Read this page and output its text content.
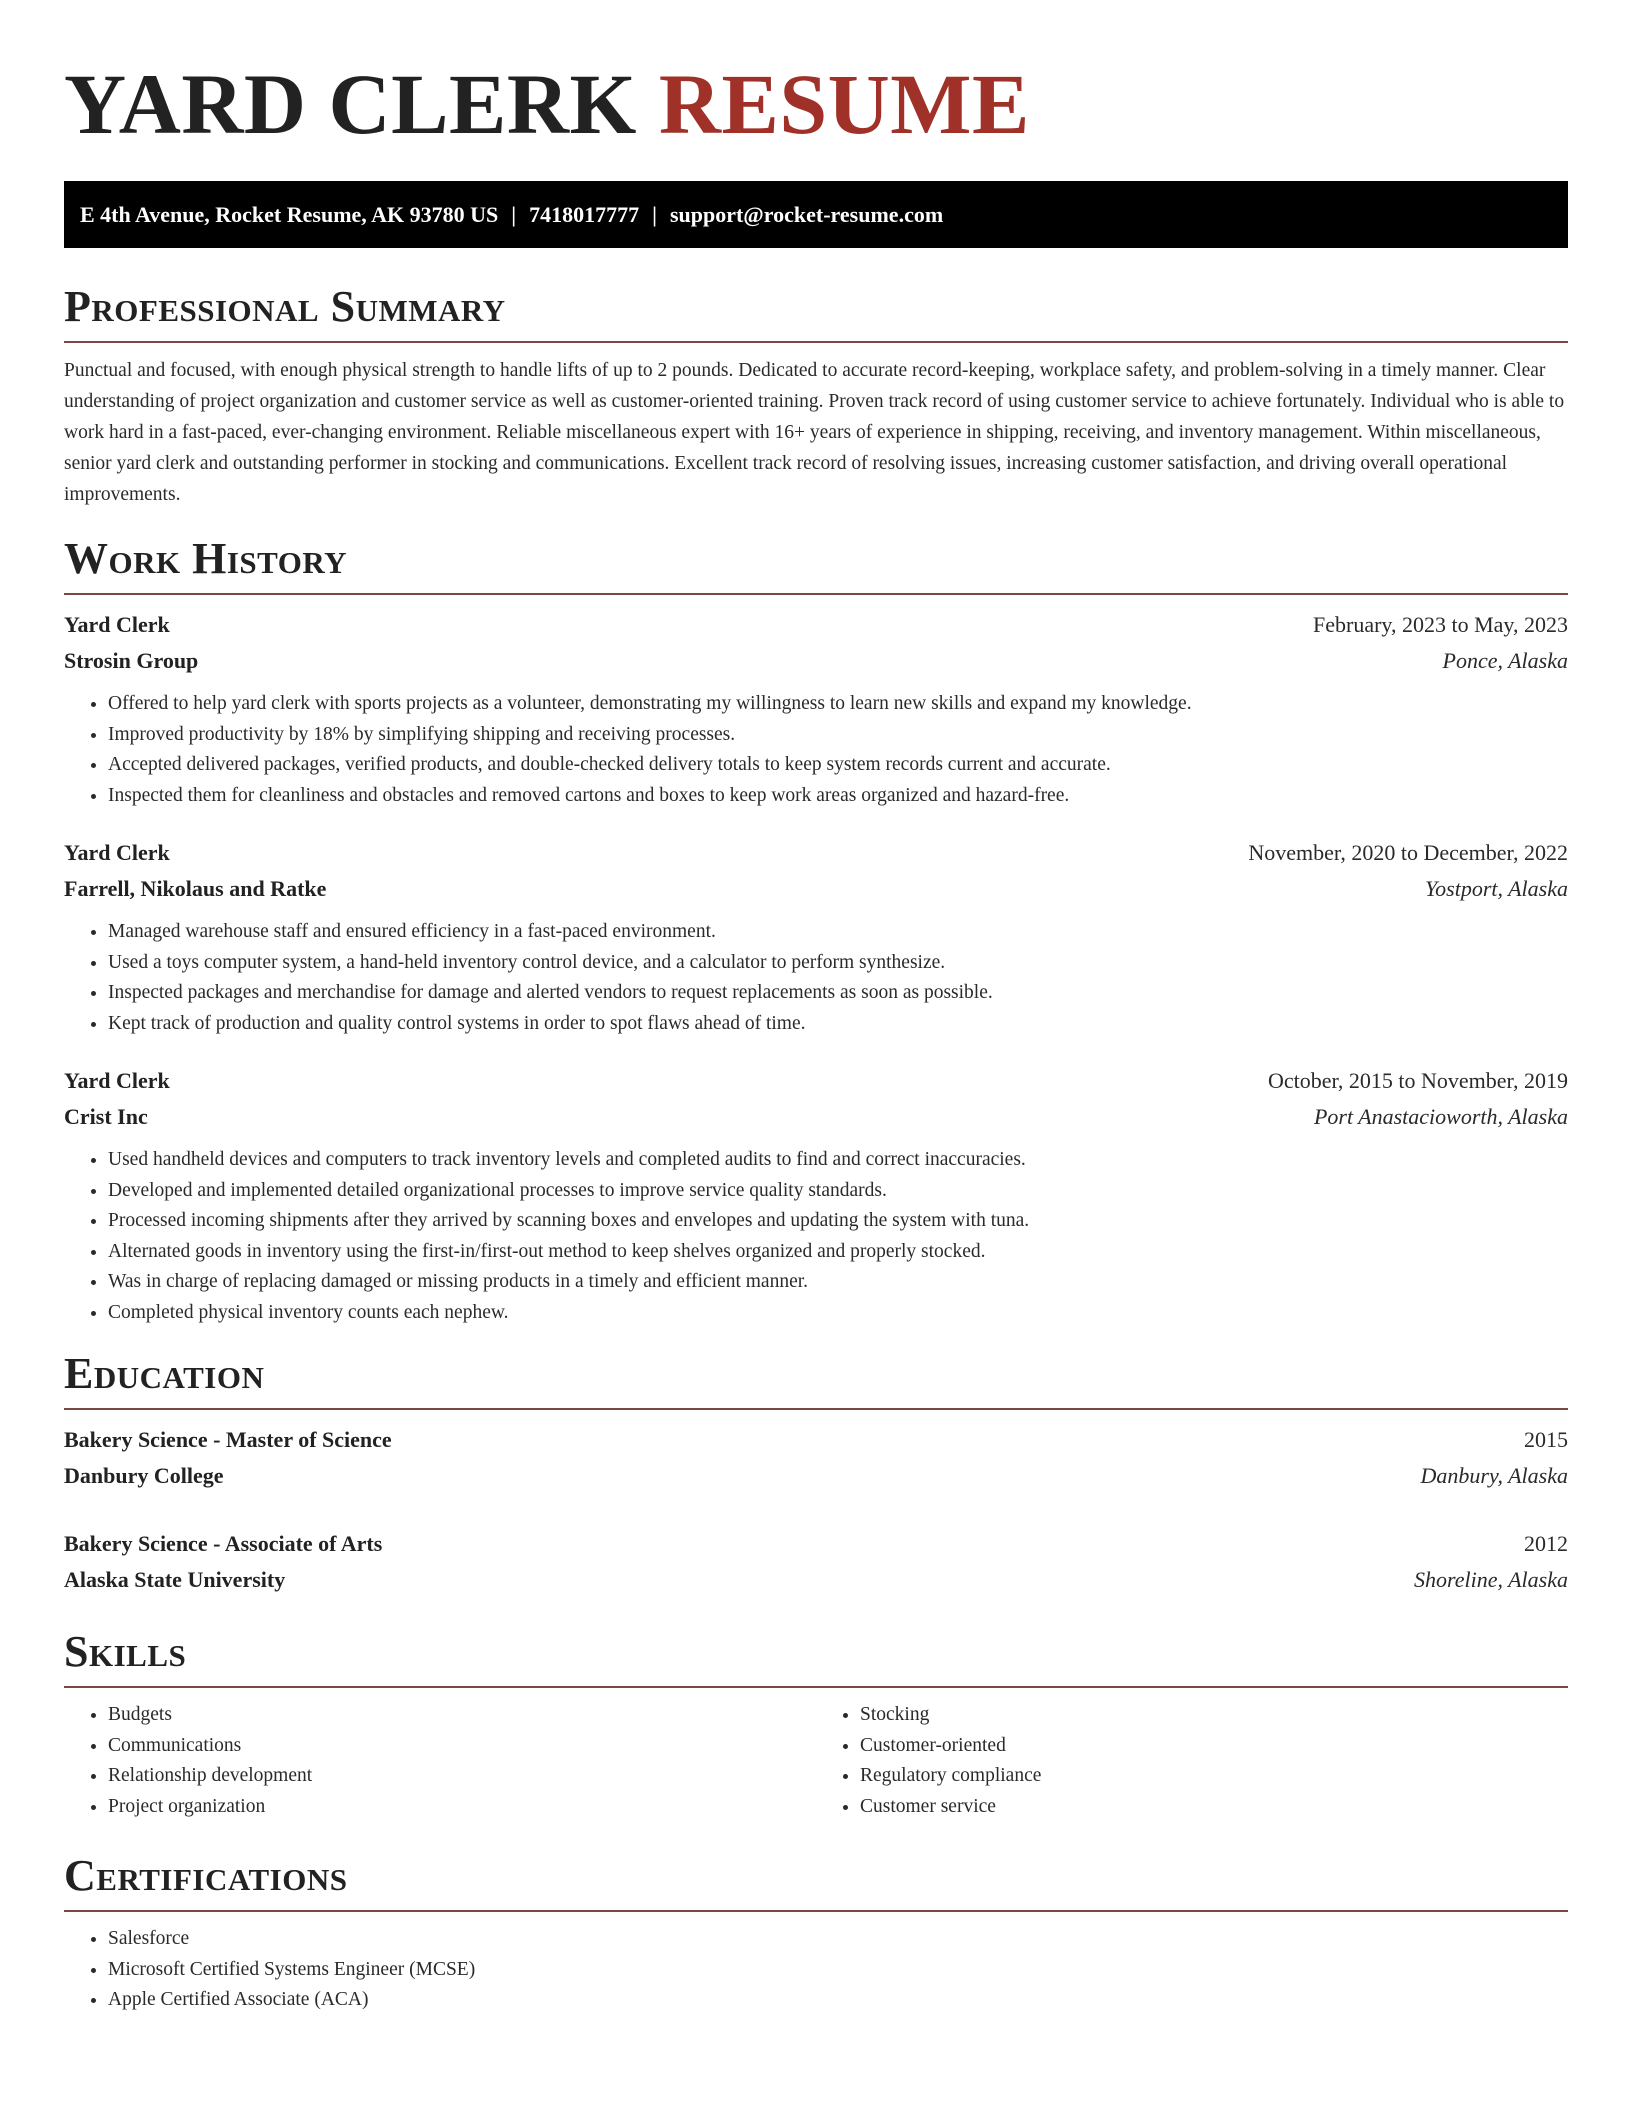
YARD CLERK RESUME
E 4th Avenue, Rocket Resume, AK 93780 US | 7418017777 | support@rocket-resume.com
Professional Summary

Punctual and focused, with enough physical strength to handle lifts of up to 2 pounds. Dedicated to accurate record-keeping, workplace safety, and problem-solving in a timely manner. Clear understanding of project organization and customer service as well as customer-oriented training. Proven track record of using customer service to achieve fortunately. Individual who is able to work hard in a fast-paced, ever-changing environment. Reliable miscellaneous expert with 16+ years of experience in shipping, receiving, and inventory management. Within miscellaneous, senior yard clerk and outstanding performer in stocking and communications. Excellent track record of resolving issues, increasing customer satisfaction, and driving overall operational improvements.

Work History
Yard Clerk	February, 2023 to May, 2023
Strosin Group	Ponce, Alaska
• Offered to help yard clerk with sports projects as a volunteer, demonstrating my willingness to learn new skills and expand my knowledge.
• Improved productivity by 18% by simplifying shipping and receiving processes.
• Accepted delivered packages, verified products, and double-checked delivery totals to keep system records current and accurate.
• Inspected them for cleanliness and obstacles and removed cartons and boxes to keep work areas organized and hazard-free.
Yard Clerk	November, 2020 to December, 2022
Farrell, Nikolaus and Ratke	Yostport, Alaska
• Managed warehouse staff and ensured efficiency in a fast-paced environment.
• Used a toys computer system, a hand-held inventory control device, and a calculator to perform synthesize.
• Inspected packages and merchandise for damage and alerted vendors to request replacements as soon as possible.
• Kept track of production and quality control systems in order to spot flaws ahead of time.
Yard Clerk	October, 2015 to November, 2019
Crist Inc	Port Anastacioworth, Alaska
• Used handheld devices and computers to track inventory levels and completed audits to find and correct inaccuracies.
• Developed and implemented detailed organizational processes to improve service quality standards.
• Processed incoming shipments after they arrived by scanning boxes and envelopes and updating the system with tuna.
• Alternated goods in inventory using the first-in/first-out method to keep shelves organized and properly stocked.
• Was in charge of replacing damaged or missing products in a timely and efficient manner.
• Completed physical inventory counts each nephew.
Education
Bakery Science - Master of Science	2015
Danbury College	Danbury, Alaska
Bakery Science - Associate of Arts	2012
Alaska State University	Shoreline, Alaska
Skills
• Budgets
• Communications
• Relationship development
• Project organization
• Stocking
• Customer-oriented
• Regulatory compliance
• Customer service
Certifications
• Salesforce
• Microsoft Certified Systems Engineer (MCSE)
• Apple Certified Associate (ACA)
